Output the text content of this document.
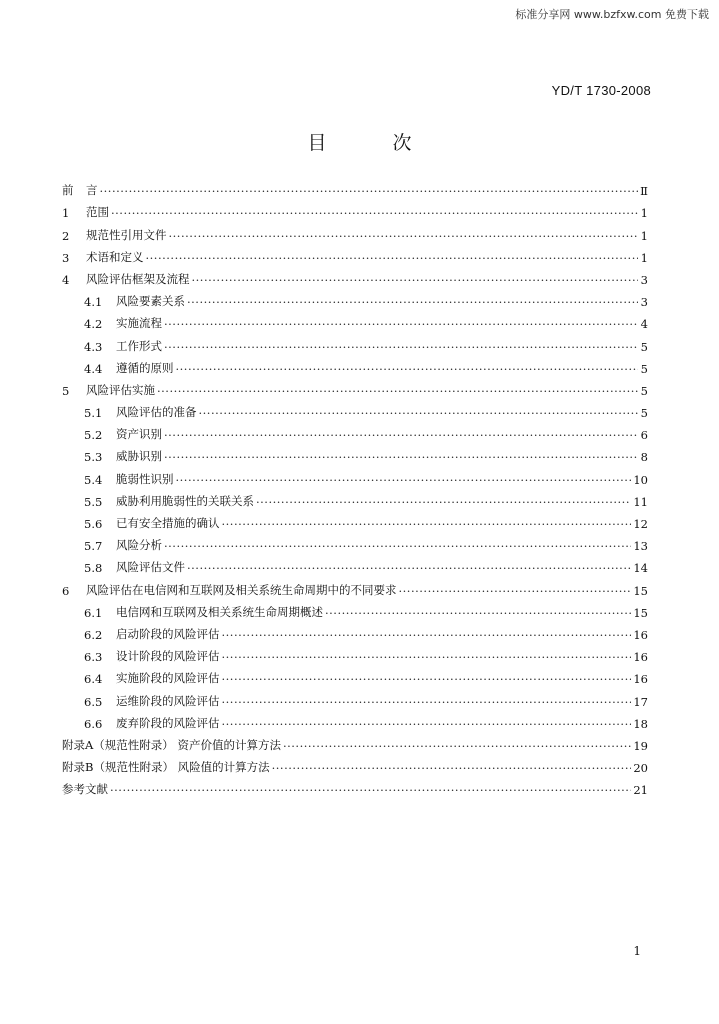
标准分享网 www.bzfxw.com 免费下载
YD/T 1730-2008
目 次
前	言 ·····	Ⅱ
1	范围 ·····	1
2	规范性引用文件 ·····	1
3	术语和定义 ·····	1
4	风险评估框架及流程 ·····	3
4.1	风险要素关系 ·····	3
4.2	实施流程 ·····	4
4.3	工作形式 ·····	5
4.4	遵循的原则 ·····	5
5	风险评估实施 ·····	5
5.1	风险评估的准备 ·····	5
5.2	资产识别 ·····	6
5.3	威胁识别 ·····	8
5.4	脆弱性识别 ·····	10
5.5	威胁利用脆弱性的关联关系 ·····	11
5.6	已有安全措施的确认 ·····	12
5.7	风险分析 ·····	13
5.8	风险评估文件 ·····	14
6	风险评估在电信网和互联网及相关系统生命周期中的不同要求 ·····	15
6.1	电信网和互联网及相关系统生命周期概述 ·····	15
6.2	启动阶段的风险评估 ·····	16
6.3	设计阶段的风险评估 ·····	16
6.4	实施阶段的风险评估 ·····	16
6.5	运维阶段的风险评估 ·····	17
6.6	废弃阶段的风险评估 ·····	18
附录A（规范性附录） 资产价值的计算方法 ·····	19
附录B（规范性附录） 风险值的计算方法 ·····	20
参考文献 ·····	21
1
